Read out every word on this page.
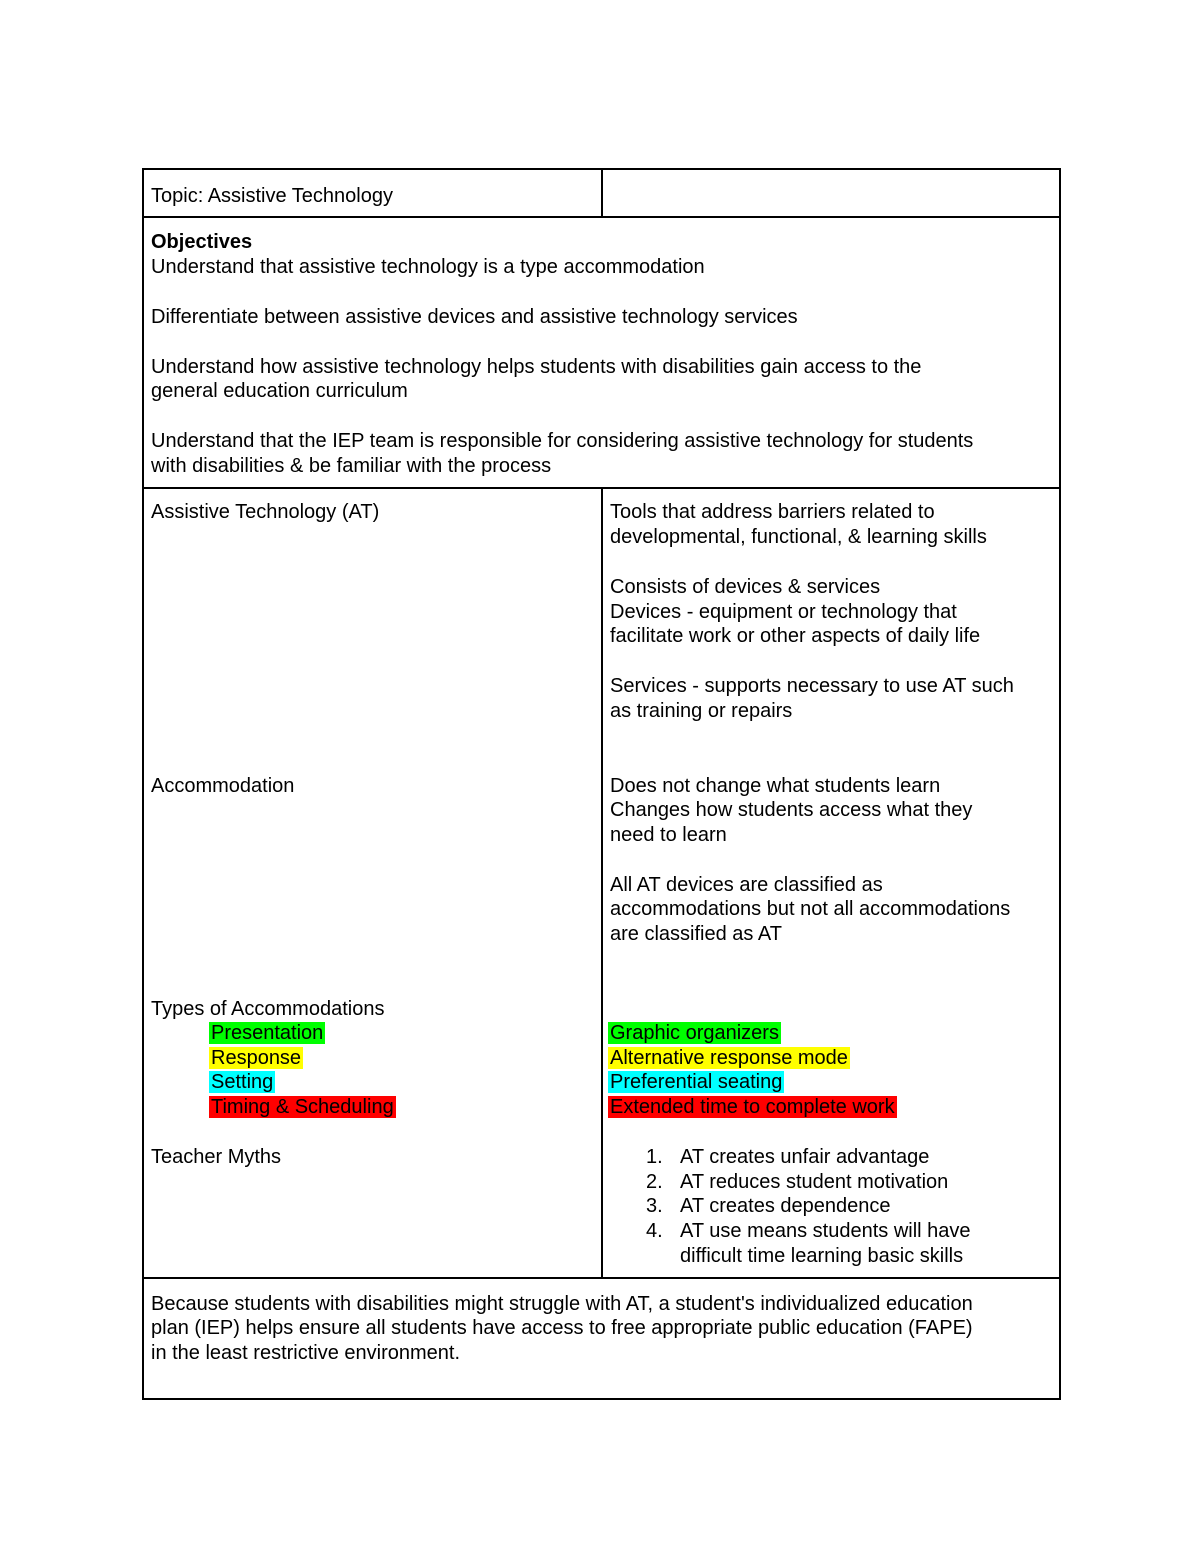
Topic: Assistive Technology
Objectives
Understand that assistive technology is a type accommodation
Differentiate between assistive devices and assistive technology services
Understand how assistive technology helps students with disabilities gain access to the
general education curriculum
Understand that the IEP team is responsible for considering assistive technology for students
with disabilities & be familiar with the process
Assistive Technology (AT)
Accommodation
Types of Accommodations
Presentation
Response
Setting
Timing & Scheduling
Teacher Myths
Tools that address barriers related to
developmental, functional, & learning skills
Consists of devices & services
Devices - equipment or technology that
facilitate work or other aspects of daily life
Services - supports necessary to use AT such
as training or repairs
Does not change what students learn
Changes how students access what they
need to learn
All AT devices are classified as
accommodations but not all accommodations
are classified as AT
Graphic organizers
Alternative response mode
Preferential seating
Extended time to complete work
1. AT creates unfair advantage
2. AT reduces student motivation
3. AT creates dependence
4. AT use means students will have
difficult time learning basic skills
Because students with disabilities might struggle with AT, a student's individualized education
plan (IEP) helps ensure all students have access to free appropriate public education (FAPE)
in the least restrictive environment.
